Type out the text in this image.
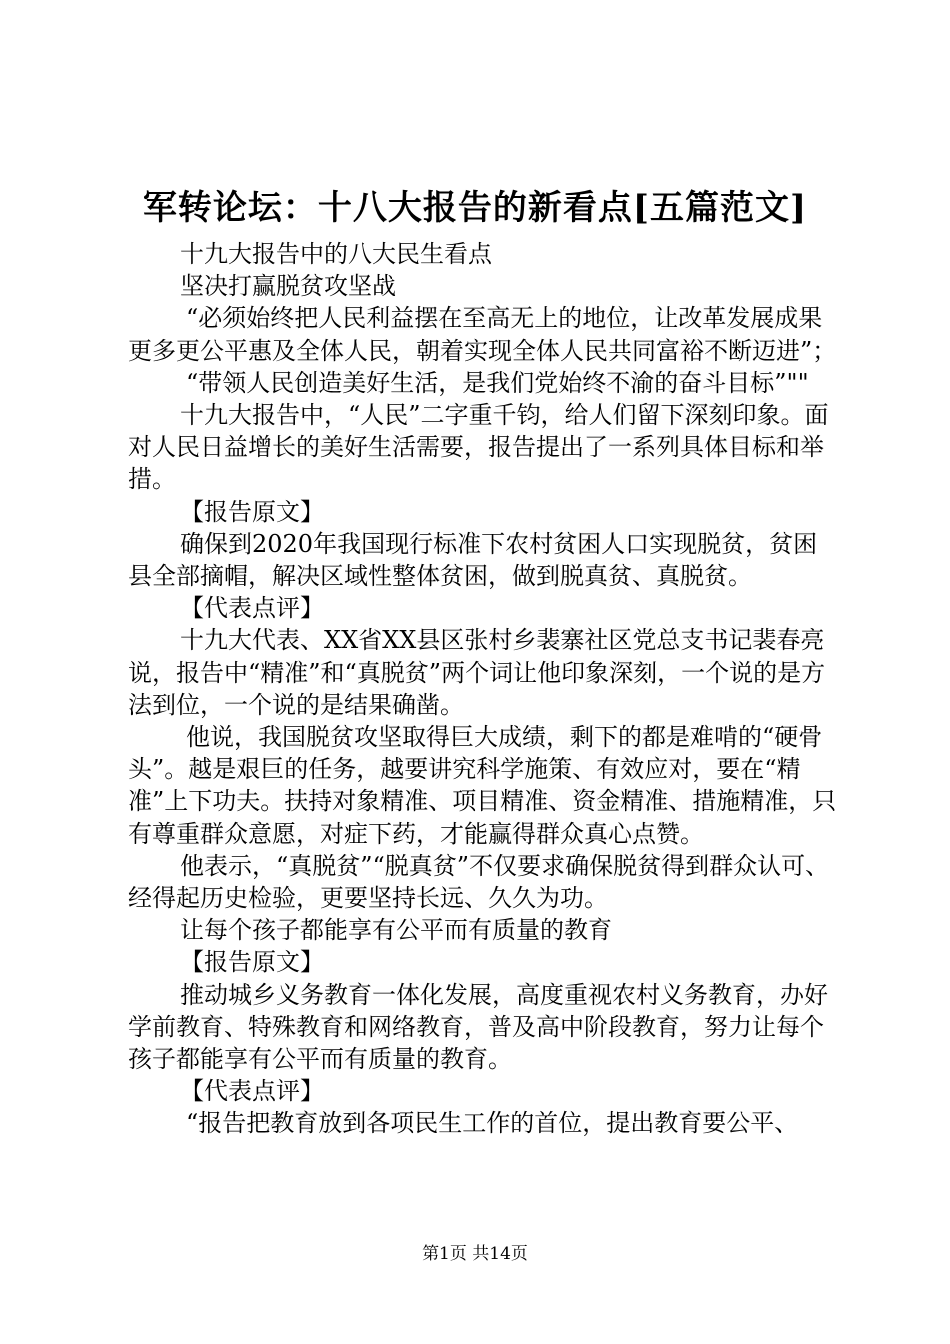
军转论坛：十八大报告的新看点[五篇范文]

十九大报告中的八大民生看点

坚决打赢脱贫攻坚战

“必须始终把人民利益摆在至高无上的地位，让改革发展成果更多更公平惠及全体人民，朝着实现全体人民共同富裕不断迈进”；

“带领人民创造美好生活，是我们党始终不渝的奋斗目标”""

十九大报告中，“人民”二字重千钧，给人们留下深刻印象。面对人民日益增长的美好生活需要，报告提出了一系列具体目标和举措。

【报告原文】

确保到2020年我国现行标准下农村贫困人口实现脱贫，贫困县全部摘帽，解决区域性整体贫困，做到脱真贫、真脱贫。

【代表点评】

十九大代表、XX省XX县区张村乡裴寨社区党总支书记裴春亮说，报告中“精准”和“真脱贫”两个词让他印象深刻，一个说的是方法到位，一个说的是结果确凿。

他说，我国脱贫攻坚取得巨大成绩，剩下的都是难啃的“硬骨头”。越是艰巨的任务，越要讲究科学施策、有效应对，要在“精准”上下功夫。扶持对象精准、项目精准、资金精准、措施精准，只有尊重群众意愿，对症下药，才能赢得群众真心点赞。

他表示，“真脱贫”“脱真贫”不仅要求确保脱贫得到群众认可、经得起历史检验，更要坚持长远、久久为功。

让每个孩子都能享有公平而有质量的教育

【报告原文】

推动城乡义务教育一体化发展，高度重视农村义务教育，办好学前教育、特殊教育和网络教育，普及高中阶段教育，努力让每个孩子都能享有公平而有质量的教育。

【代表点评】

“报告把教育放到各项民生工作的首位，提出教育要公平、

第1页 共14页
